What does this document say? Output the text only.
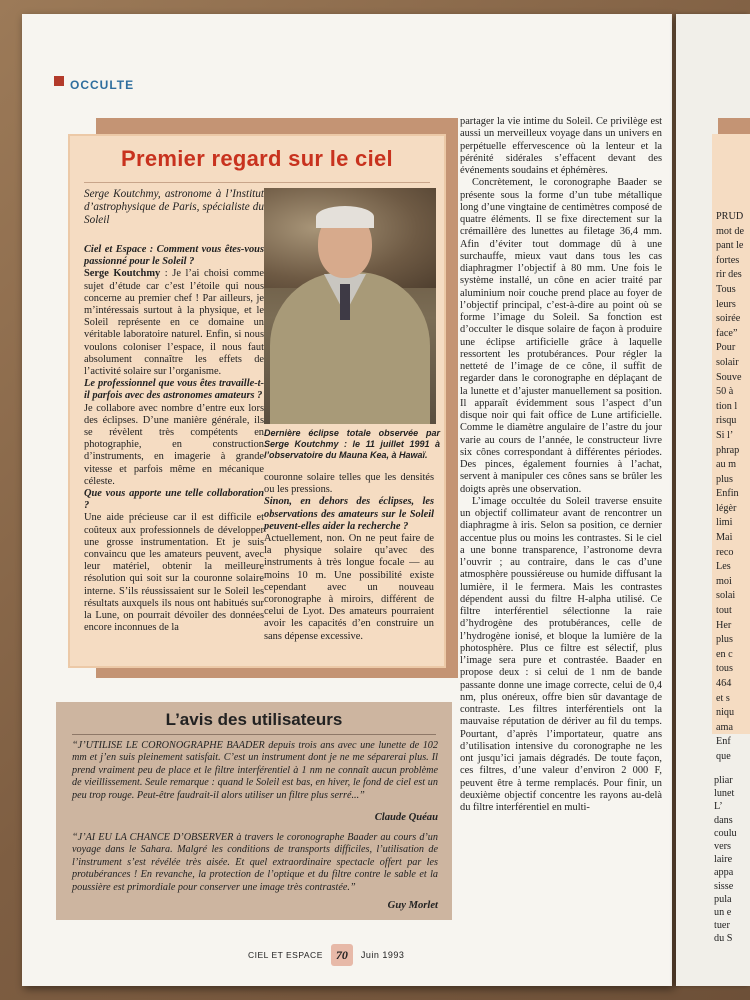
OCCULTE
Premier regard sur le ciel
Serge Koutchmy, astronome à l’Institut d’astrophysique de Paris, spécialiste du Soleil

Ciel et Espace : Comment vous êtes-vous passionné pour le Soleil ?

Serge Koutchmy : Je l’ai choisi comme sujet d’étude car c’est l’étoile qui nous concerne au premier chef ! Par ailleurs, je m’intéressais surtout à la physique, et le Soleil représente en ce domaine un véritable laboratoire naturel. Enfin, si nous voulons coloniser l’espace, il nous faut absolument connaître les effets de l’activité solaire sur l’organisme.

Le professionnel que vous êtes travaille-t-il parfois avec des astronomes amateurs ?

Je collabore avec nombre d’entre eux lors des éclipses. D’une manière générale, ils se révèlent très compétents en photographie, en construction d’instruments, en imagerie à grande vitesse et parfois même en mécanique céleste.

Que vous apporte une telle collaboration ?

Une aide précieuse car il est difficile et coûteux aux professionnels de développer une grosse instrumentation. Et je suis convaincu que les amateurs peuvent, avec leur matériel, obtenir la meilleure résolution qui soit sur la couronne solaire interne. S’ils réussissaient sur le Soleil les résultats auxquels ils nous ont habitués sur la Lune, on pourrait dévoiler des données encore inconnues de la

Dernière éclipse totale observée par Serge Koutchmy : le 11 juillet 1991 à l’observatoire du Mauna Kea, à Hawaï.

couronne solaire telles que les densités ou les pressions.

Sinon, en dehors des éclipses, les observations des amateurs sur le Soleil peuvent-elles aider la recherche ?

Actuellement, non. On ne peut faire de la physique solaire qu’avec des instruments à très longue focale — au moins 10 m. Une possibilité existe cependant avec un nouveau coronographe à miroirs, différent de celui de Lyot. Des amateurs pourraient avoir les capacités d’en construire un sans dépense excessive.

L’avis des utilisateurs
“J’UTILISE LE CORONOGRAPHE BAADER depuis trois ans avec une lunette de 102 mm et j’en suis pleinement satisfait. C’est un instrument dont je ne me séparerai plus. Il prend vraiment peu de place et le filtre interférentiel à 1 nm ne connaît aucun problème de vieillissement. Seule remarque : quand le Soleil est bas, en hiver, le fond de ciel est un peu trop rouge. Peut-être faudrait-il alors utiliser un filtre plus serré...”
Claude Quéau
“J’AI EU LA CHANCE D’OBSERVER à travers le coronographe Baader au cours d’un voyage dans le Sahara. Malgré les conditions de transports difficiles, l’utilisation de l’instrument s’est révélée très aisée. Et quel extraordinaire spectacle offert par les protubérances ! En revanche, la protection de l’optique et du filtre contre le sable et la poussière est primordiale pour conserver une image très contrastée.”
Guy Morlet

partager la vie intime du Soleil. Ce privilège est aussi un merveilleux voyage dans un univers en perpétuelle effervescence où la lenteur et la pérénité sidérales s’effacent devant des événements soudains et éphémères.

Concrètement, le coronographe Baader se présente sous la forme d’un tube métallique long d’une vingtaine de centimètres composé de quatre éléments. Il se fixe directement sur la crémaillère des lunettes au filetage 36,4 mm. Afin d’éviter tout dommage dû à une surchauffe, mieux vaut dans tous les cas diaphragmer l’objectif à 80 mm. Une fois le système installé, un cône en acier traité par aluminium noir couche prend place au foyer de l’objectif principal, c’est-à-dire au point où se forme l’image du Soleil. Sa fonction est d’occulter le disque solaire de façon à produire une éclipse artificielle grâce à laquelle ressortent les protubérances. Pour régler la netteté de l’image de ce cône, il suffit de regarder dans le coronographe en déplaçant de la lunette et d’ajuster manuellement sa position. Il apparaît évidemment sous l’aspect d’un disque noir qui fait office de Lune artificielle. Comme le diamètre angulaire de l’astre du jour varie au cours de l’année, le constructeur livre six cônes correspondant à différentes périodes. Des pinces, également fournies à l’achat, servent à manipuler ces cônes sans se brûler les doigts après une observation.

L’image occultée du Soleil traverse ensuite un objectif collimateur avant de rencontrer un diaphragme à iris. Selon sa position, ce dernier accentue plus ou moins les contrastes. Si le ciel a une bonne transparence, l’astronome devra l’ouvrir ; au contraire, dans le cas d’une atmosphère poussiéreuse ou humide diffusant la lumière, il le fermera. Mais les contrastes dépendent aussi du filtre H-alpha utilisé. Ce filtre interférentiel sélectionne la raie d’hydrogène des protubérances, celle de l’hydrogène ionisé, et bloque la lumière de la photosphère. Plus ce filtre est sélectif, plus l’image sera pure et contrastée. Baader en propose deux : si celui de 1 nm de bande passante donne une image correcte, celui de 0,4 nm, plus onéreux, offre bien sûr davantage de contraste. Les filtres interférentiels ont la mauvaise réputation de dériver au fil du temps. Pourtant, d’après l’importateur, quatre ans d’utilisation intensive du coronographe ne les ont jusqu’ici jamais dégradés. De toute façon, ces filtres, d’une valeur d’environ 2 000 F, peuvent être à terme remplacés. Pour finir, un deuxième objectif concentre les rayons au-delà du filtre interférentiel en multi-

CIEL ET ESPACE	70	Juin 1993
PRUD
mot de
pant le
fortes
rir des
Tous
leurs
soirée
face”
Pour
solair
Souve
50 à
tion l
risqu
Si l’
phrap
au m
plus
Enfin
légèr
limi
Mai
reco
Les
moi
solai
tout
Her
plus
en c
tous
464
et s
niqu
ama
Enf
que
pliar
lunet
L’
dans
coulu
vers
laire
appa
sisse
pula
un e
tuer
du S
